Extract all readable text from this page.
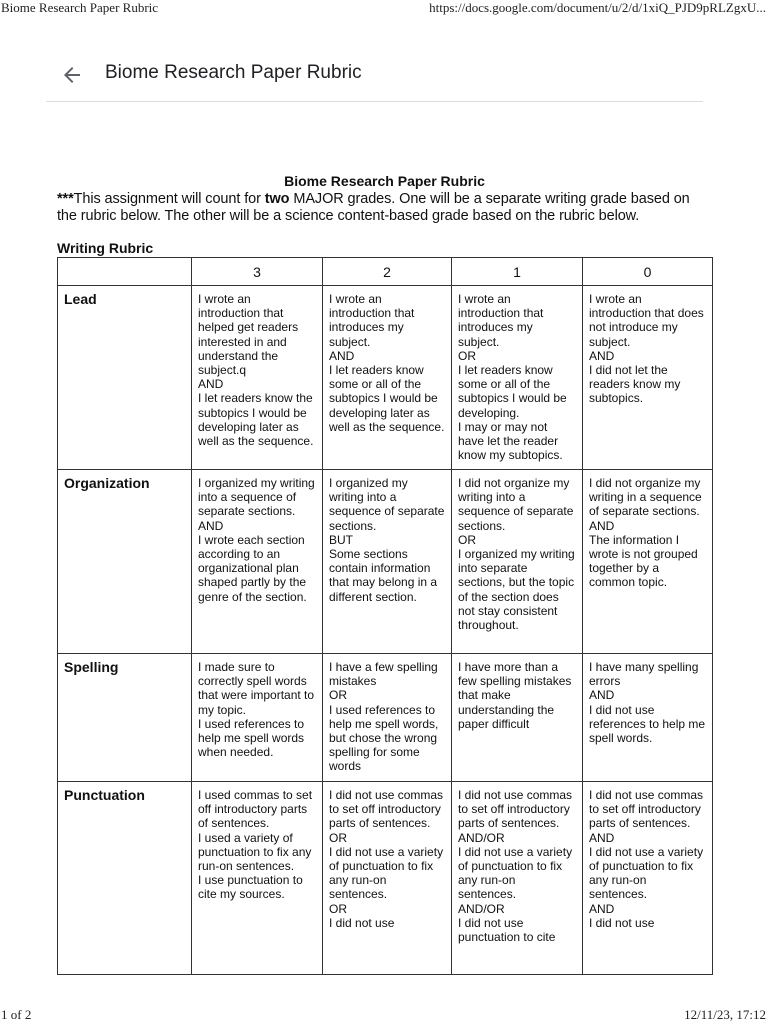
Biome Research Paper Rubric	https://docs.google.com/document/u/2/d/1xiQ_PJD9pRLZgxU...
Biome Research Paper Rubric

Biome Research Paper Rubric

***This assignment will count for two MAJOR grades. One will be a separate writing grade based on the rubric below. The other will be a science content-based grade based on the rubric below.

Writing Rubric

	3	2	1	0
Lead	I wrote an introduction that helped get readers interested in and understand the subject.q
AND
I let readers know the subtopics I would be developing later as well as the sequence.	I wrote an introduction that introduces my subject.
AND
I let readers know some or all of the subtopics I would be developing later as well as the sequence.	I wrote an introduction that introduces my subject.
OR
I let readers know some or all of the subtopics I would be developing.
I may or may not have let the reader know my subtopics.	I wrote an introduction that does not introduce my subject.
AND
I did not let the readers know my subtopics.
Organization	I organized my writing into a sequence of separate sections.
AND
I wrote each section according to an organizational plan shaped partly by the genre of the section.	I organized my writing into a sequence of separate sections.
BUT
Some sections contain information that may belong in a different section.	I did not organize my writing into a sequence of separate sections.
OR
I organized my writing into separate sections, but the topic of the section does not stay consistent throughout.	I did not organize my writing in a sequence of separate sections.
AND
The information I wrote is not grouped together by a common topic.
Spelling	I made sure to correctly spell words that were important to my topic.
I used references to help me spell words when needed.	I have a few spelling mistakes
OR
I used references to help me spell words, but chose the wrong spelling for some words	I have more than a few spelling mistakes that make understanding the paper difficult	I have many spelling errors
AND
I did not use references to help me spell words.
Punctuation	I used commas to set off introductory parts of sentences.
I used a variety of punctuation to fix any run-on sentences.
I use punctuation to cite my sources.	I did not use commas to set off introductory parts of sentences.
OR
I did not use a variety of punctuation to fix any run-on sentences.
OR
I did not use	I did not use commas to set off introductory parts of sentences.
AND/OR
I did not use a variety of punctuation to fix any run-on sentences.
AND/OR
I did not use punctuation to cite	I did not use commas to set off introductory parts of sentences.
AND
I did not use a variety of punctuation to fix any run-on sentences.
AND
I did not use
1 of 2	12/11/23, 17:12
